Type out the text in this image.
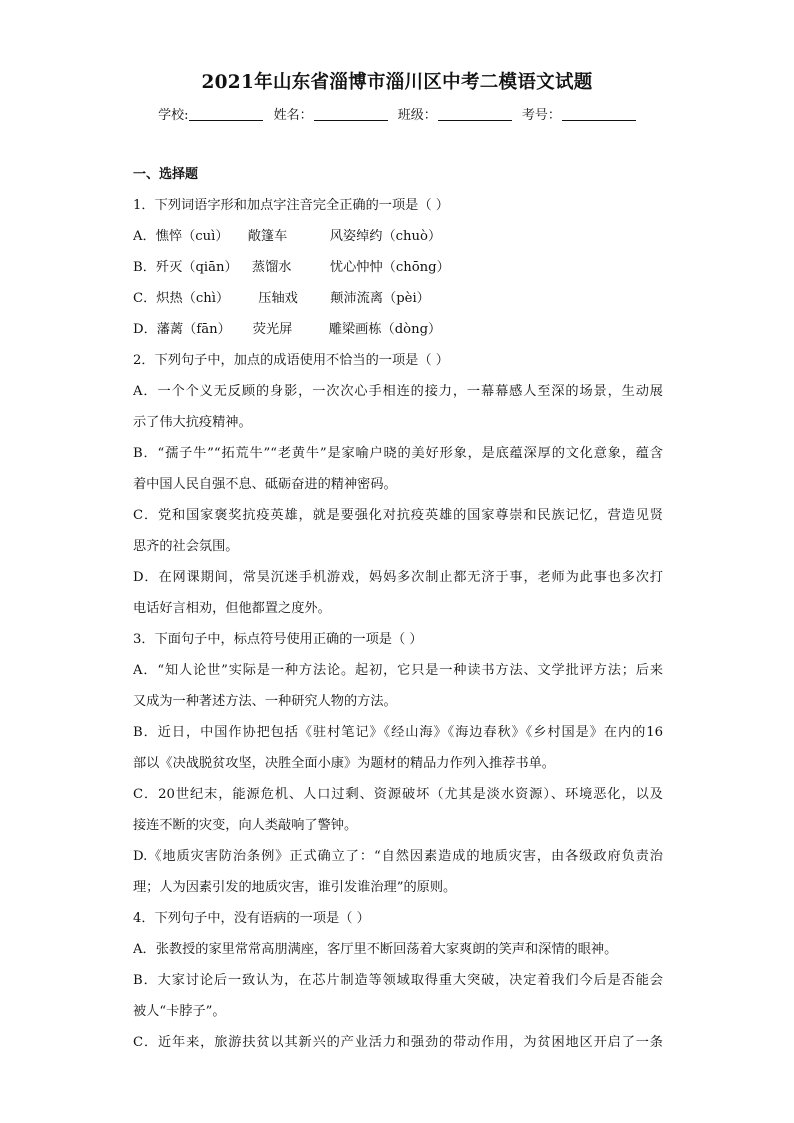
2021年山东省淄博市淄川区中考二模语文试题
学校:	姓名：	班级：	考号：
一、选择题
1．下列词语字形和加点字注音完全正确的一项是（ ）
A．憔悴（cuì） 敞篷车	风姿绰约（chuò）
B．歼灭（qiān） 蒸馏水	忧心忡忡（chōng）
C．炽热（chì） 压轴戏 颠沛流离（pèi）
D．藩蓠（fān） 荧光屏	雕梁画栋（dòng）
2．下列句子中，加点的成语使用不恰当的一项是（ ）
A．一个个义无反顾的身影，一次次心手相连的接力，一幕幕感人至深的场景，生动展
示了伟大抗疫精神。
B．“孺子牛”“拓荒牛”“老黄牛”是家喻户晓的美好形象，是底蕴深厚的文化意象，蕴含
着中国人民自强不息、砥砺奋进的精神密码。
C．党和国家褒奖抗疫英雄，就是要强化对抗疫英雄的国家尊崇和民族记忆，营造见贤
思齐的社会氛围。
D．在网课期间，常昊沉迷手机游戏，妈妈多次制止都无济于事，老师为此事也多次打
电话好言相劝，但他都置之度外。
3．下面句子中，标点符号使用正确的一项是（ ）
A．“知人论世”实际是一种方法论。起初，它只是一种读书方法、文学批评方法；后来
又成为一种著述方法、一种研究人物的方法。
B．近日，中国作协把包括《驻村笔记》《经山海》《海边春秋》《乡村国是》在内的16
部以《决战脱贫攻坚，决胜全面小康》为题材的精品力作列入推荐书单。
C．20世纪末，能源危机、人口过剩、资源破坏（尤其是淡水资源）、环境恶化，以及
接连不断的灾变，向人类敲响了警钟。
D.《地质灾害防治条例》正式确立了：“自然因素造成的地质灾害，由各级政府负责治
理；人为因素引发的地质灾害，谁引发谁治理”的原则。
4．下列句子中，没有语病的一项是（ ）
A．张教授的家里常常高朋满座，客厅里不断回荡着大家爽朗的笑声和深情的眼神。
B．大家讨论后一致认为，在芯片制造等领域取得重大突破，决定着我们今后是否能会
被人“卡脖子”。
C．近年来，旅游扶贫以其新兴的产业活力和强劲的带动作用，为贫困地区开启了一条
